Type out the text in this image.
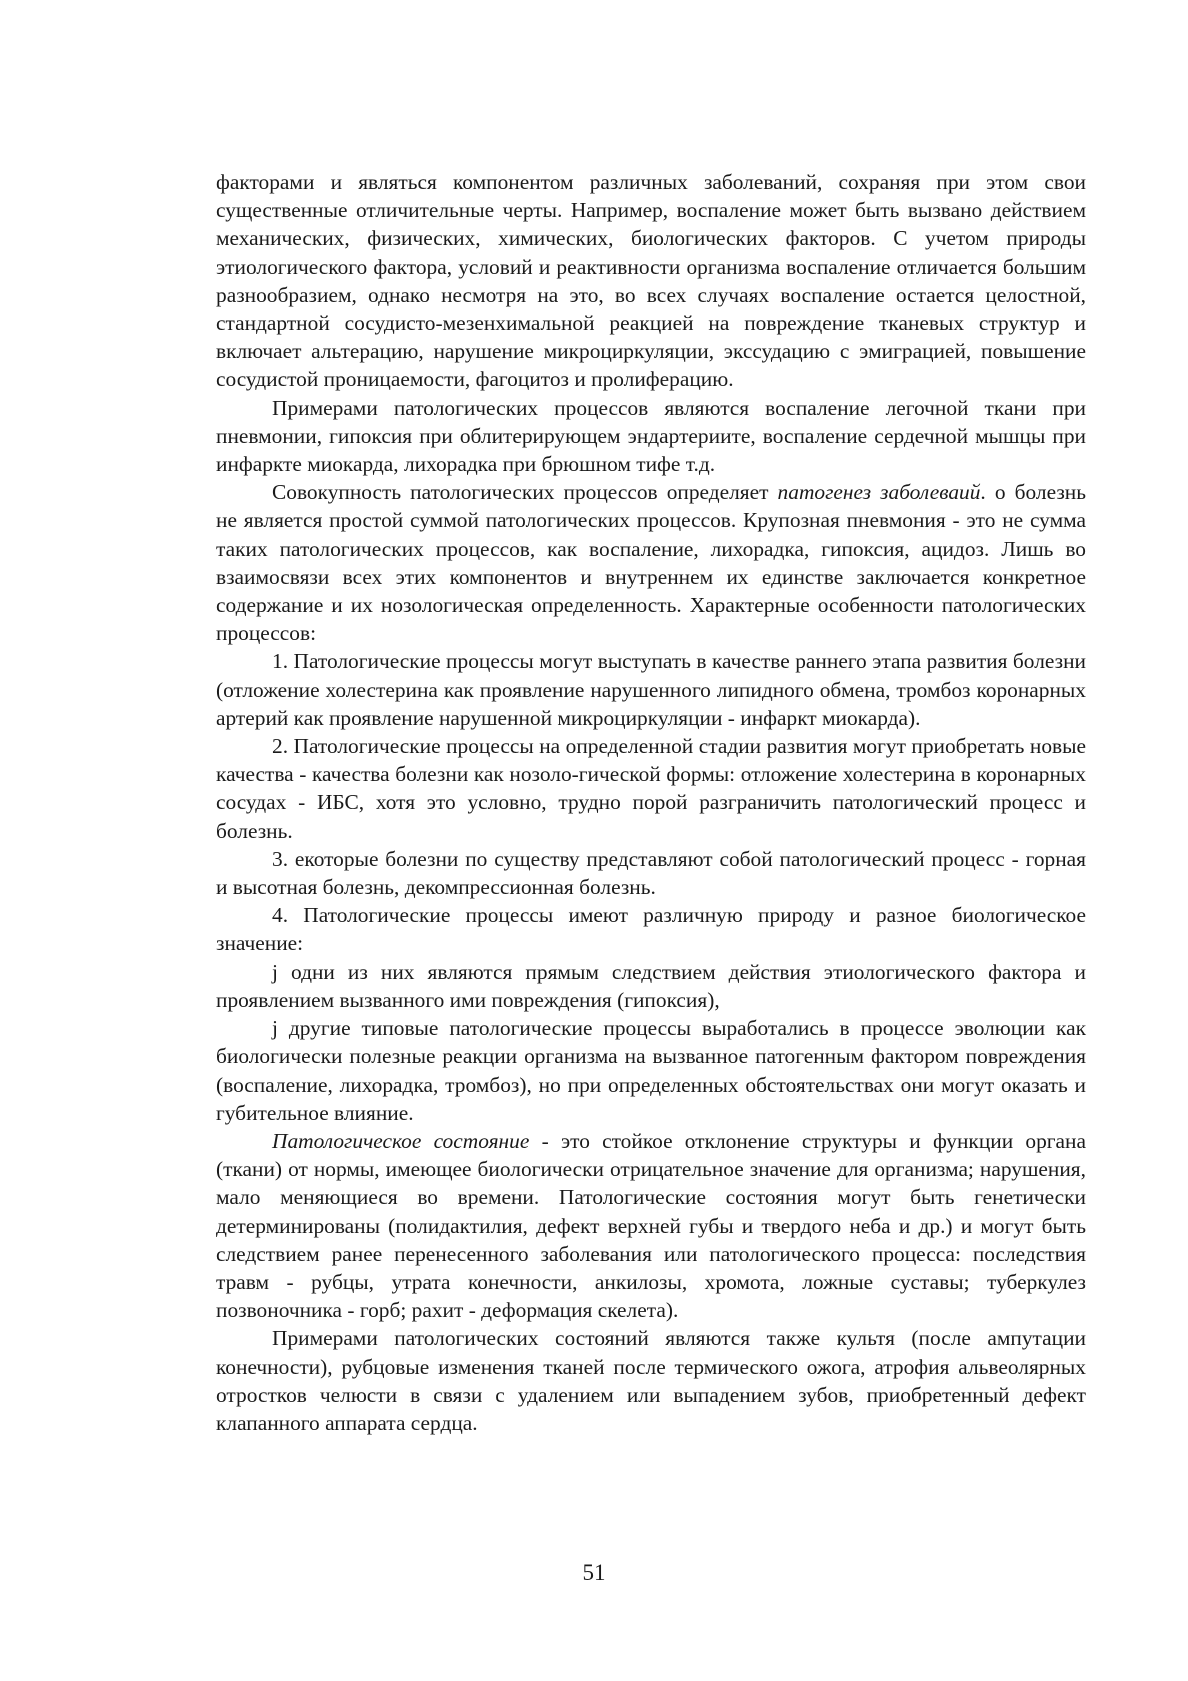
факторами и являться компонентом различных заболеваний, сохраняя при этом свои существенные отличительные черты. Например, воспаление может быть вызвано действием механических, физических, химических, биологических факторов. С учетом природы этиологического фактора, условий и реактивности организма воспаление отличается большим разнообразием, однако несмотря на это, во всех случаях воспаление остается целостной, стандартной сосудисто-мезенхимальной реакцией на повреждение тканевых структур и включает альтерацию, нарушение микроциркуляции, экссудацию с эмиграцией, повышение сосудистой проницаемости, фагоцитоз и пролиферацию.

Примерами патологических процессов являются воспаление легочной ткани при пневмонии, гипоксия при облитерирующем эндартериите, воспаление сердечной мышцы при инфаркте миокарда, лихорадка при брюшном тифе т.д.

Совокупность патологических процессов определяет патогенез заболеваий. о болезнь не является простой суммой патологических процессов. Крупозная пневмония - это не сумма таких патологических процессов, как воспаление, лихорадка, гипоксия, ацидоз. Лишь во взаимосвязи всех этих компонентов и внутреннем их единстве заключается конкретное содержание и их нозологическая определенность. Характерные особенности патологических процессов:

1. Патологические процессы могут выступать в качестве раннего этапа развития болезни (отложение холестерина как проявление нарушенного липидного обмена, тромбоз коронарных артерий как проявление нарушенной микроциркуляции - инфаркт миокарда).

2. Патологические процессы на определенной стадии развития могут приобретать новые качества - качества болезни как нозоло-гической формы: отложение холестерина в коронарных сосудах - ИБС, хотя это условно, трудно порой разграничить патологический процесс и болезнь.

3. екоторые болезни по существу представляют собой патологический процесс - горная и высотная болезнь, декомпрессионная болезнь.

4. Патологические процессы имеют различную природу и разное биологическое значение:

j одни из них являются прямым следствием действия этиологического фактора и проявлением вызванного ими повреждения (гипоксия),

j другие типовые патологические процессы выработались в процессе эволюции как биологически полезные реакции организма на вызванное патогенным фактором повреждения (воспаление, лихорадка, тромбоз), но при определенных обстоятельствах они могут оказать и губительное влияние.

Патологическое состояние - это стойкое отклонение структуры и функции органа (ткани) от нормы, имеющее биологически отрицательное значение для организма; нарушения, мало меняющиеся во времени. Патологические состояния могут быть генетически детерминированы (полидактилия, дефект верхней губы и твердого неба и др.) и могут быть следствием ранее перенесенного заболевания или патологического процесса: последствия травм - рубцы, утрата конечности, анкилозы, хромота, ложные суставы; туберкулез позвоночника - горб; рахит - деформация скелета).

Примерами патологических состояний являются также культя (после ампутации конечности), рубцовые изменения тканей после термического ожога, атрофия альвеолярных отростков челюсти в связи с удалением или выпадением зубов, приобретенный дефект клапанного аппарата сердца.

51
